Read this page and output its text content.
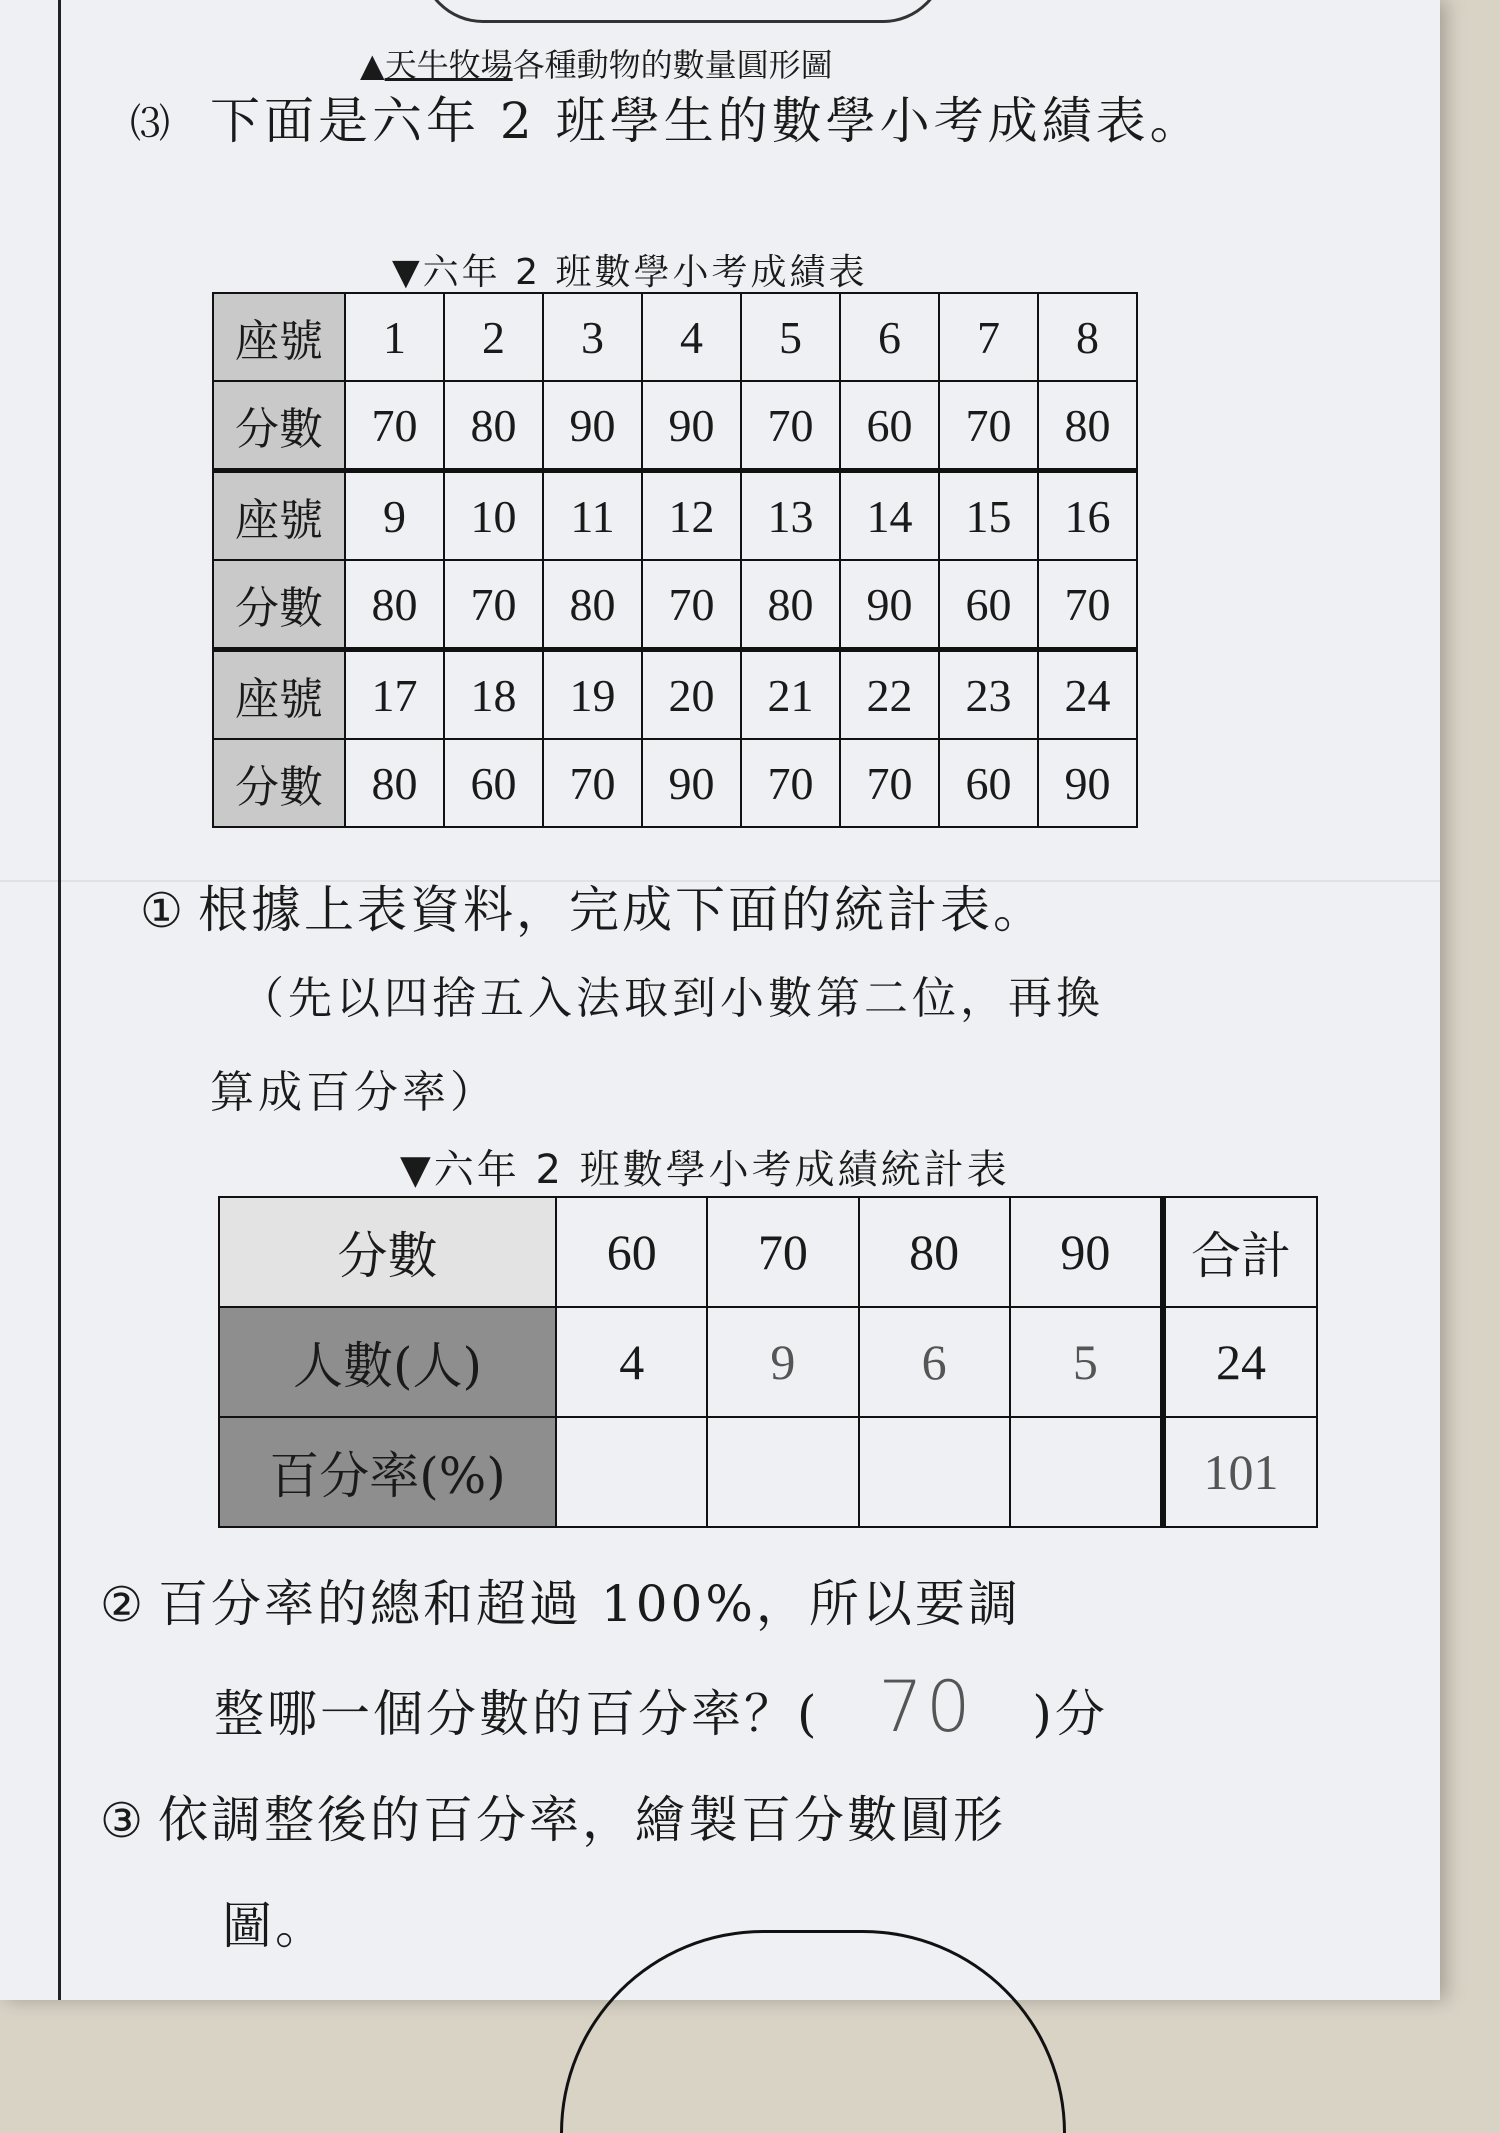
▲天牛牧場各種動物的數量圓形圖
⑶ 下面是六年 2 班學生的數學小考成績表。
▼六年 2 班數學小考成績表
座號	1	2	3	4	5	6	7	8
分數	70	80	90	90	70	60	70	80
座號	9	10	11	12	13	14	15	16
分數	80	70	80	70	80	90	60	70
座號	17	18	19	20	21	22	23	24
分數	80	60	70	90	70	70	60	90
① 根據上表資料，完成下面的統計表。
（先以四捨五入法取到小數第二位，再換
算成百分率）
▼六年 2 班數學小考成績統計表
分數	60	70	80	90	合計
人數(人)	4	9	6	5	24
百分率(%)					101
② 百分率的總和超過 100%，所以要調
整哪一個分數的百分率？( 70 )分
③ 依調整後的百分率，繪製百分數圓形
圖。
